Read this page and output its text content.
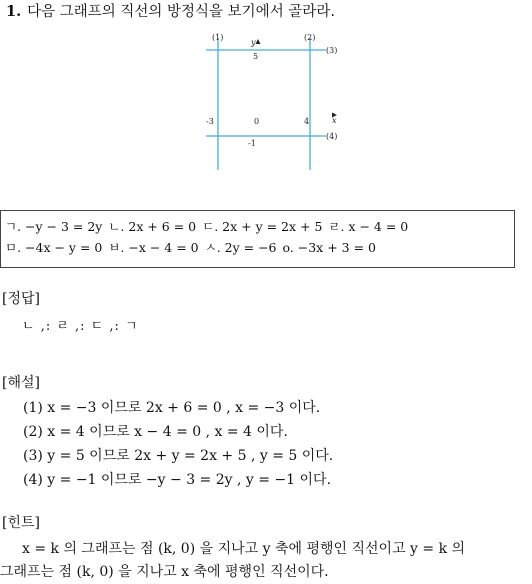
1. 다음 그래프의 직선의 방정식을 보기에서 골라라.
(1)	(2)
(3)
(4)
y
x
5
-3	0	4
-1
ㄱ. −y − 3 = 2y ㄴ. 2x + 6 = 0 ㄷ. 2x + y = 2x + 5 ㄹ. x − 4 = 0
ㅁ. −4x − y = 0 ㅂ. −x − 4 = 0 ㅅ. 2y = −6 o. −3x + 3 = 0
[정답]
ㄴ ,: ㄹ ,: ㄷ ,: ㄱ
[해설]
(1) x = −3 이므로 2x + 6 = 0 , x = −3 이다.
(2) x = 4 이므로 x − 4 = 0 , x = 4 이다.
(3) y = 5 이므로 2x + y = 2x + 5 , y = 5 이다.
(4) y = −1 이므로 −y − 3 = 2y , y = −1 이다.
[힌트]
x = k 의 그래프는 점 (k, 0) 을 지나고 y 축에 평행인 직선이고 y = k 의
그래프는 점 (k, 0) 을 지나고 x 축에 평행인 직선이다.
